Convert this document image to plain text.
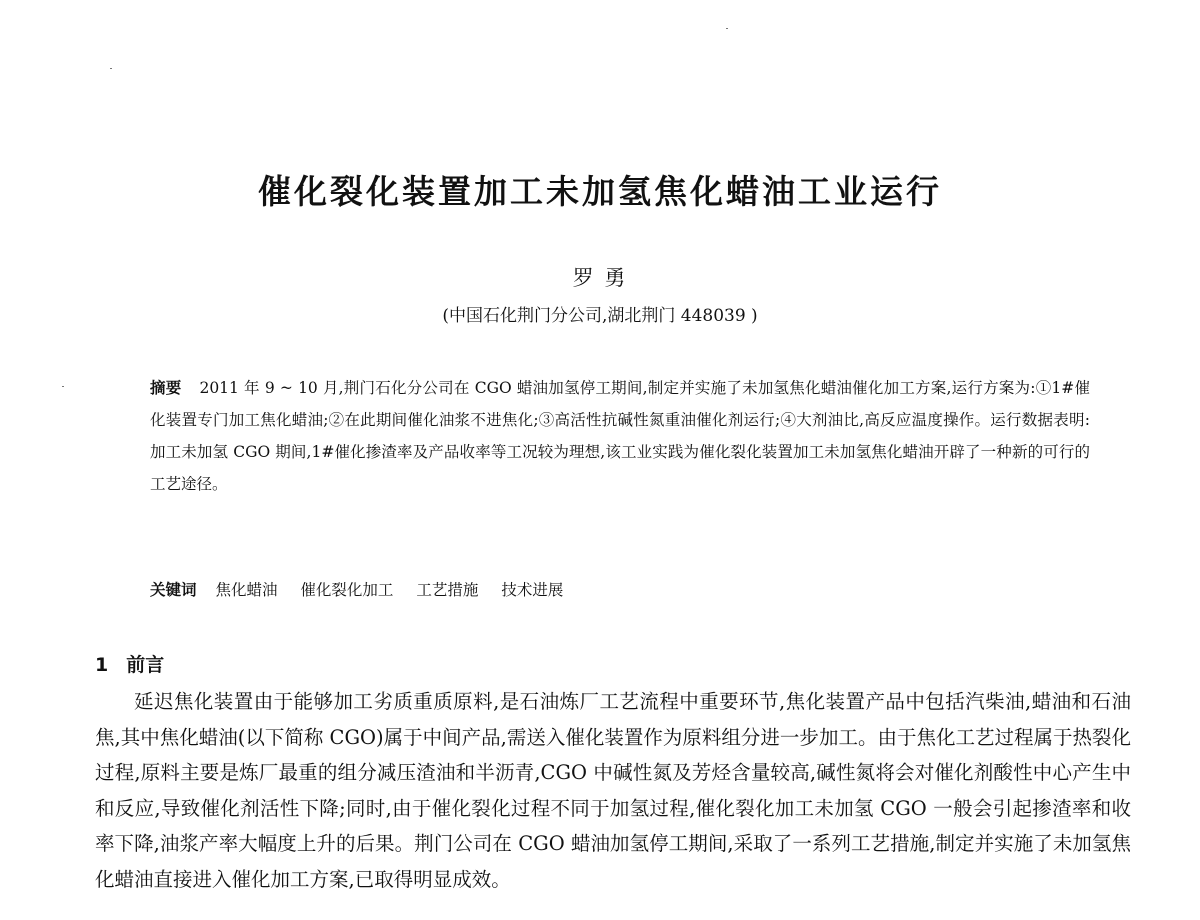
催化裂化装置加工未加氢焦化蜡油工业运行
罗 勇
(中国石化荆门分公司,湖北荆门 448039 )
摘要 2011 年 9 ~ 10 月,荆门石化分公司在 CGO 蜡油加氢停工期间,制定并实施了未加氢焦化蜡油催化加工方案,运行方案为:①1#催化装置专门加工焦化蜡油;②在此期间催化油浆不进焦化;③高活性抗碱性氮重油催化剂运行;④大剂油比,高反应温度操作。运行数据表明:加工未加氢 CGO 期间,1#催化掺渣率及产品收率等工况较为理想,该工业实践为催化裂化装置加工未加氢焦化蜡油开辟了一种新的可行的工艺途径。
关键词 焦化蜡油 催化裂化加工 工艺措施 技术进展
1 前言
延迟焦化装置由于能够加工劣质重质原料,是石油炼厂工艺流程中重要环节,焦化装置产品中包括汽柴油,蜡油和石油焦,其中焦化蜡油(以下简称 CGO)属于中间产品,需送入催化装置作为原料组分进一步加工。由于焦化工艺过程属于热裂化过程,原料主要是炼厂最重的组分减压渣油和半沥青,CGO 中碱性氮及芳烃含量较高,碱性氮将会对催化剂酸性中心产生中和反应,导致催化剂活性下降;同时,由于催化裂化过程不同于加氢过程,催化裂化加工未加氢 CGO 一般会引起掺渣率和收率下降,油浆产率大幅度上升的后果。荆门公司在 CGO 蜡油加氢停工期间,采取了一系列工艺措施,制定并实施了未加氢焦化蜡油直接进入催化加工方案,已取得明显成效。
